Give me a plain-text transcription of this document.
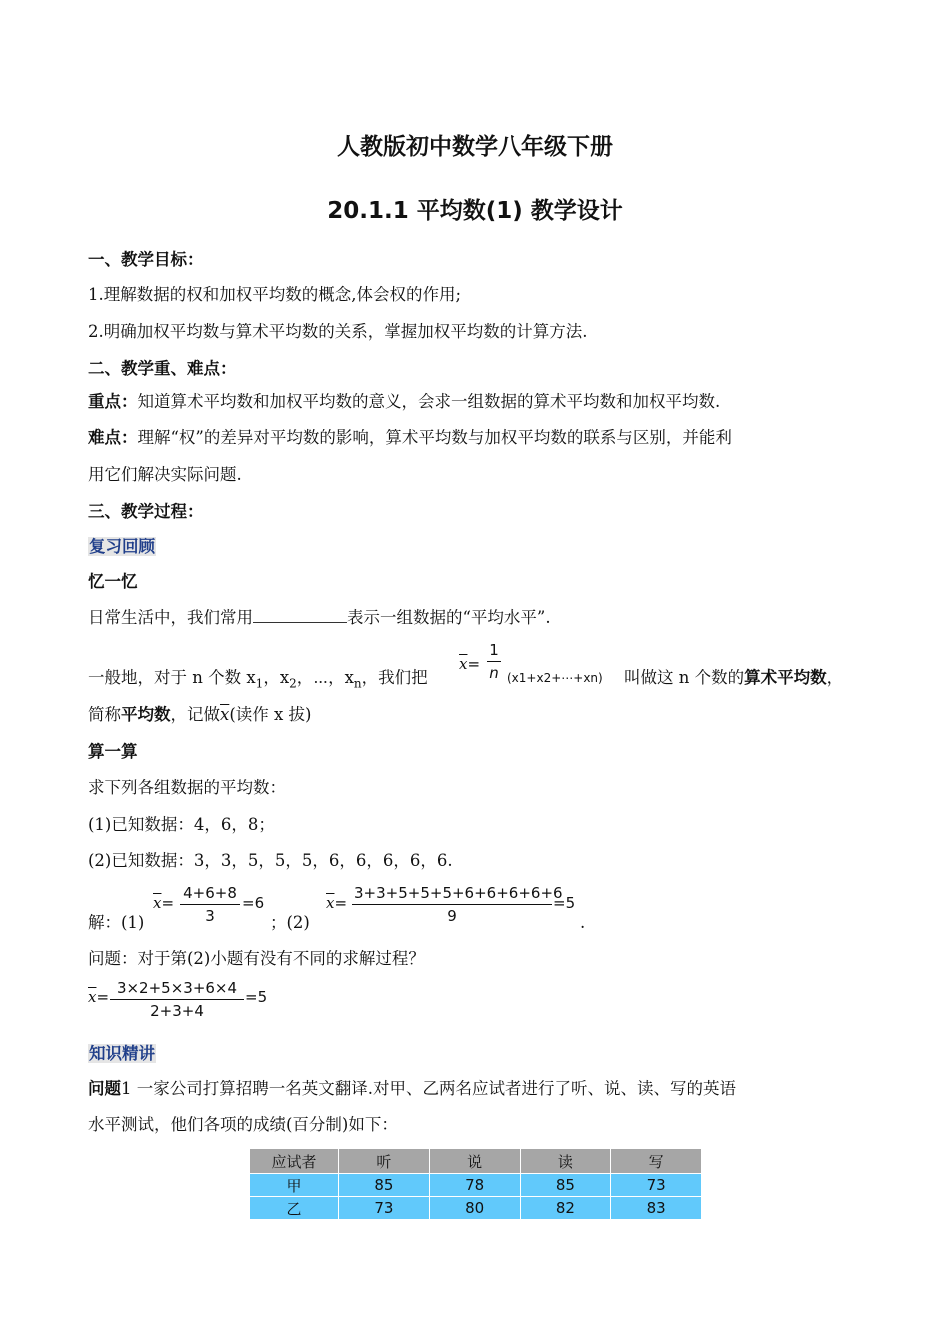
人教版初中数学八年级下册
20.1.1 平均数(1) 教学设计
一、教学目标：
1.理解数据的权和加权平均数的概念,体会权的作用;
2.明确加权平均数与算术平均数的关系，掌握加权平均数的计算方法.
二、教学重、难点：
重点：知道算术平均数和加权平均数的意义，会求一组数据的算术平均数和加权平均数.
难点：理解“权”的差异对平均数的影响，算术平均数与加权平均数的联系与区别，并能利
用它们解决实际问题.
三、教学过程：
复习回顾
忆一忆
日常生活中，我们常用	表示一组数据的“平均水平”.
一般地，对于 n 个数 $x_1$，$x_2$，⋯，$x_n$，我们把
$\overline{x}= \frac{1}{n}$ (x1+x2+⋯+xn) 叫做这 n 个数的算术平均数，
简称平均数，记做$\overline{x}$(读作 x 拔)
算一算
求下列各组数据的平均数：
(1)已知数据：4，6，8；
(2)已知数据：3，3，5，5，5，6，6，6，6，6.
解：(1)
$\overline{x}= \frac{4+6+8}{3} =6$
；(2)
$\overline{x}= \frac{3+3+5+5+5+6+6+6+6+6}{9} =5$
.
问题：对于第(2)小题有没有不同的求解过程？
$\overline{x}= \frac{3\times 2+5\times 3+6\times 4}{2+3+4} =5$
知识精讲
问题1 一家公司打算招聘一名英文翻译.对甲、乙两名应试者进行了听、说、读、写的英语
水平测试，他们各项的成绩(百分制)如下：
应试者	听	说	读	写
甲	85	78	85	73
乙	73	80	82	83
